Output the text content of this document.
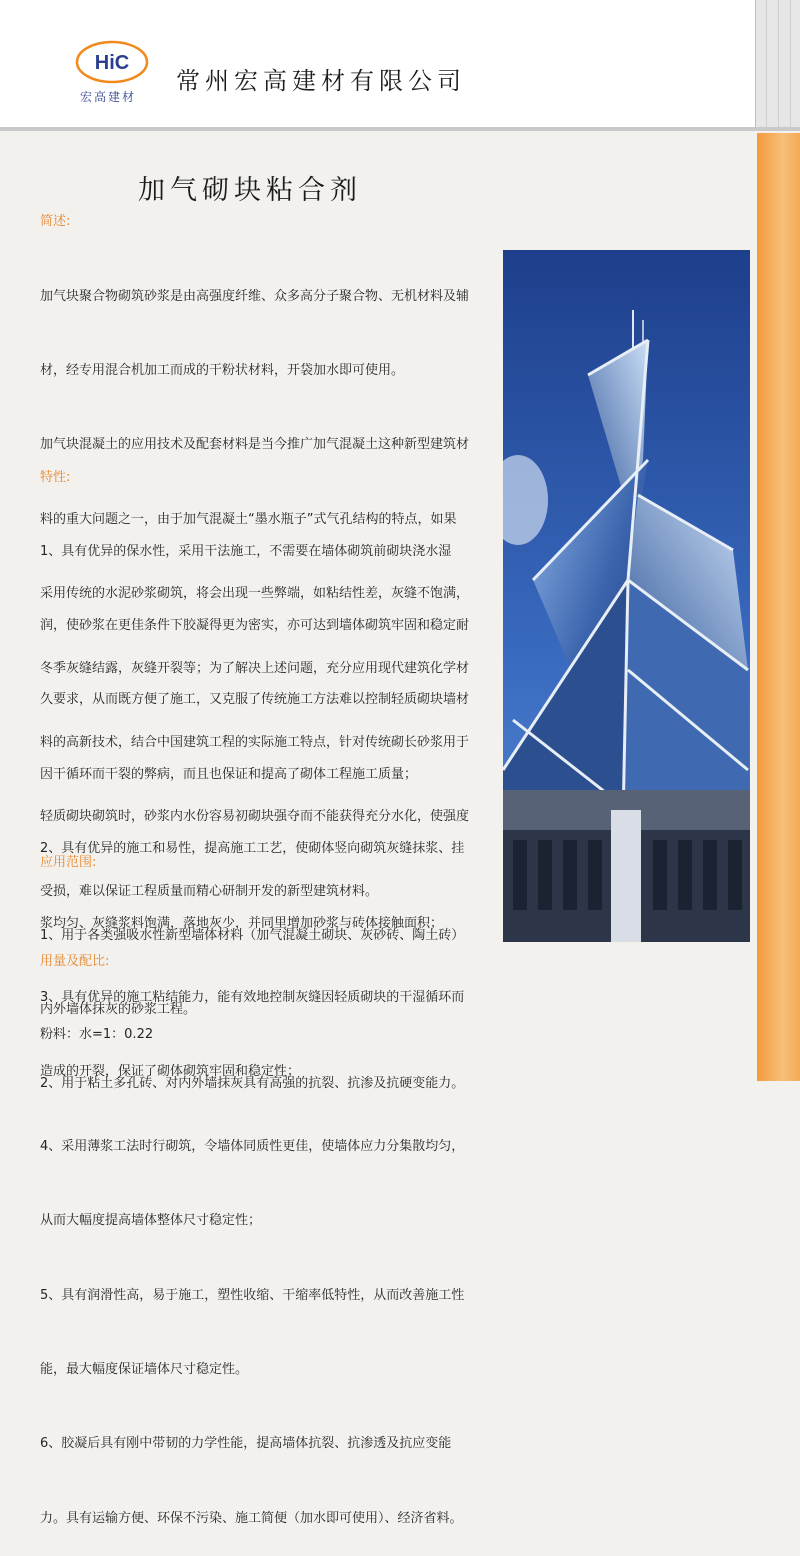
HiC
宏高建材
常州宏高建材有限公司
加气砌块粘合剂
简述:

加气块聚合物砌筑砂浆是由高强度纤维、众多高分子聚合物、无机材料及辅

材，经专用混合机加工而成的干粉状材料，开袋加水即可使用。

加气块混凝土的应用技术及配套材料是当今推广加气混凝土这种新型建筑材

料的重大问题之一，由于加气混凝土“墨水瓶子”式气孔结构的特点，如果

采用传统的水泥砂浆砌筑，将会出现一些弊端，如粘结性差，灰缝不饱满，

冬季灰缝结露，灰缝开裂等；为了解决上述问题，充分应用现代建筑化学材

料的高新技术，结合中国建筑工程的实际施工特点，针对传统砌长砂浆用于

轻质砌块砌筑时，砂浆内水份容易初砌块强夺而不能获得充分水化，使强度

受损，难以保证工程质量而精心研制开发的新型建筑材料。

特性:

1、具有优异的保水性，采用干法施工，不需要在墙体砌筑前砌块浇水湿

润，使砂浆在更佳条件下胶凝得更为密实，亦可达到墙体砌筑牢固和稳定耐

久要求，从而既方便了施工，又克服了传统施工方法难以控制轻质砌块墙材

因干循环而干裂的弊病，而且也保证和提高了砌体工程施工质量；

2、具有优异的施工和易性，提高施工工艺，使砌体竖向砌筑灰缝抹浆、挂

浆均匀、灰缝浆料饱满，落地灰少，并同里增加砂浆与砖体接触面积；

3、具有优异的施工粘结能力，能有效地控制灰缝因轻质砌块的干湿循环而

造成的开裂，保证了砌体砌筑牢固和稳定性；

4、采用薄浆工法时行砌筑，令墙体同质性更佳，使墙体应力分集散均匀，

从而大幅度提高墙体整体尺寸稳定性；

5、具有润滑性高，易于施工，塑性收缩、干缩率低特性，从而改善施工性

能，最大幅度保证墙体尺寸稳定性。

6、胶凝后具有刚中带韧的力学性能，提高墙体抗裂、抗渗透及抗应变能

力。具有运输方便、环保不污染、施工简便（加水即可使用）、经济省料。

应用范围:

1、用于各类强吸水性新型墙体材料（加气混凝土砌块、灰砂砖、陶土砖）

内外墙体抹灰的砂浆工程。

2、用于粘土多孔砖、对内外墙抹灰具有高强的抗裂、抗渗及抗硬变能力。

用量及配比:

粉料：水=1：0.22
